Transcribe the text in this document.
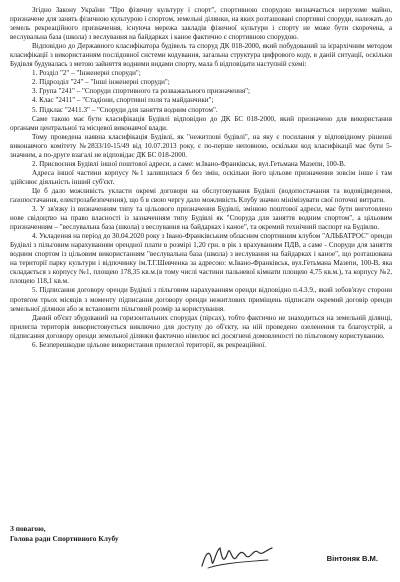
Згідно Закону України "Про фізичну культуру і спорт", спортивною спорудою визначається нерухоме майно, призначене для занять фізичною культурою і спортом, земельні ділянки, на яких розташовані спортивні споруди, належать до земель рекреаційного призначення, існуюча мережа закладів фізичної культури і спорту не може бути скорочена, а веслувальна база (школа) з веслування на байдарках і каное фактично є спортивною спорудою.

Відповідно до Державного класифікатора будівель та споруд ДК 018-2000, який побудований за ієрархічним методом класифікації з використанням послідовної системи кодування, загальна структура цифрового коду, в даній ситуації, оскільки Будівля будувалась з метою зайняття водними видами спорту, мала б відповідати наступній схемі:

1. Розділ "2" – "Інженерні споруди";

2. Підрозділ "24" – "Інші інженерні споруди";

3. Група "241" – "Споруди спортивного та розважального призначення";

4. Клас "2411" – "Стадіони, спортивні поля та майданчики";

5. Підклас "2411.3" – "Споруди для заняття водним спортом".

Саме такою має бути класифікація Будівлі відповідно до ДК БС 018-2000, який призначено для використання органами центральної та місцевої виконавчої влади.

Тому проведена наявна класифікація Будівлі, як "нежитлові будівлі", на яку є посилання у відповідному рішенні виконавчого комітету №2833/10-15/49 від 10.07.2013 року, є по-перше неповною, оскільки код класифікації має бути 5-значним, а по-друге взагалі не відповідає ДК БС 018-2000.

2. Присвоєння Будівлі іншої поштової адреси, а саме: м.Івано-Франківськ, вул.Гетьмана Мазепи, 100-В.

Адреса іншої частини корпусу №1 залишилася б без змін, оскільки його цільове призначення зовсім інше і там здійснює діяльність інший суб'єкт.

Це б дало можливість укласти окремі договори на обслуговування Будівлі (водопостачання та водовідведення, газопостачання, електрозабезпечення), що б в свою чергу дало можливість Клубу значно мінімізувати свої поточні витрати.

3. У зв'язку із визначенням типу та цільового призначення Будівлі, змінюю поштової адреси, має бути виготовлено нове свідоцтво на право власності із зазначенням типу Будівлі як "Споруда для заняття водним спортом", а цільовим призначенням – "веслувальна база (школа) з веслування на байдарках і каное", та окремий технічний паспорт на Будівлю.

4. Укладення на період до 30.04.2020 року з Івано-Франківським обласним спортивним клубом "АЛЬБАТРОС" оренди Будівлі з пільговим нарахуванням орендної плати в розмірі 1,20 грн. в рік з врахуванням ПДВ, а саме - Споруди для заняття водним спортом із цільовим використанням "веслувальна база (школа) з веслування на байдарках і каное", що розташована на території парку культури і відпочинку ім.Т.Г.Шевченка за адресою: м.Івано-Франківськ, вул.Гетьмана Мазепи, 100-В, яка складається з корпусу №1, площею 178,35 кв.м.(в тому числі частини пальневої кімнати площею 4,75 кв.м.), та корпусу №2, площею 118,1 кв.м.

5. Підписання договору оренди Будівлі з пільговим нарахуванням оренди відповідно п.4.3.9., який зобов'язує сторони протягом трьох місяців з моменту підписання договору оренди нежитлових приміщень підписати окремий договір оренди земельної ділянки або ж встановити пільговий розмір за користування.

Даний об'єкт збудований на горизонтальних спорудах (пірсах), тобто фактично не знаходиться на земельній ділянці, прилегла територія використовується виключно для доступу до об'єкту, на ній проведено озеленення та благоустрій, а підписання договору оренди земельної ділянки фактично нівелює всі досягнені домовленості по пільговому користуванню.

6. Безперешкодне цільове використання прилеглої території, як рекреаційної.

З повагою,
Голова ради Спортивного Клубу
Вінтоняк В.М.
